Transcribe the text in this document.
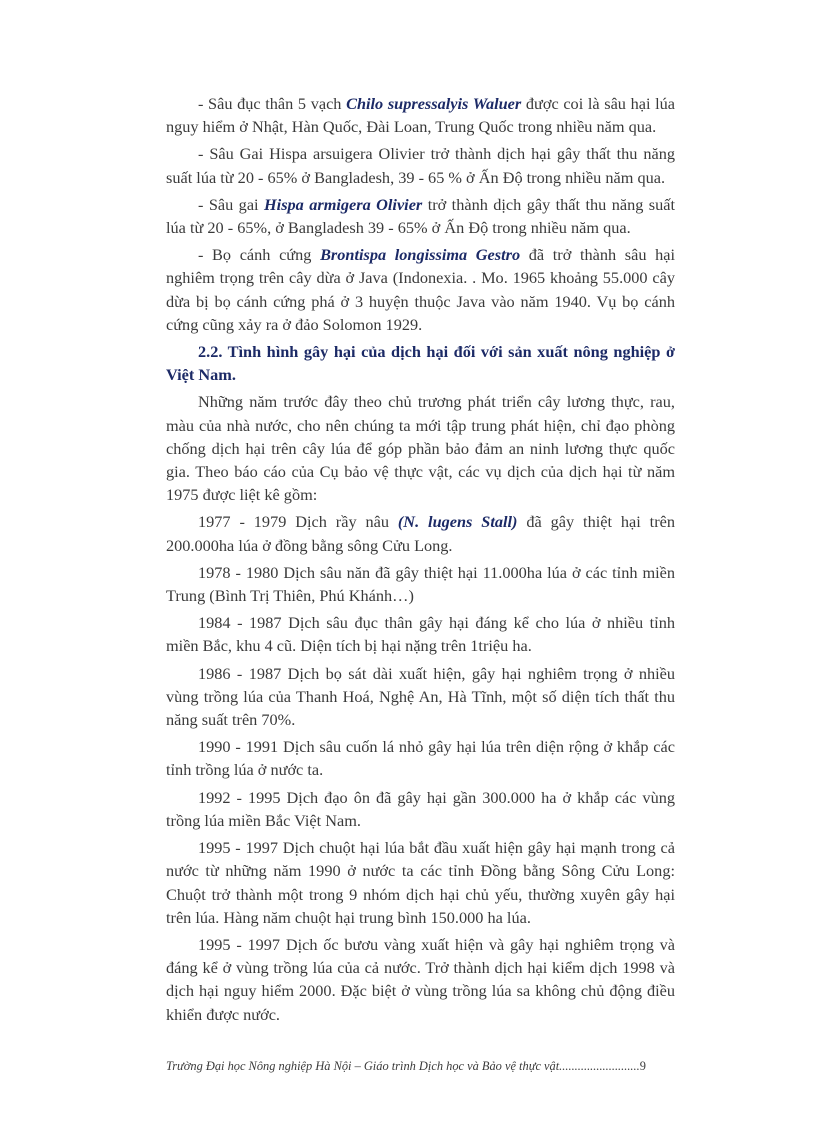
- Sâu đục thân 5 vạch Chilo supressalyis Waluer được coi là sâu hại lúa nguy hiểm ở Nhật, Hàn Quốc, Đài Loan, Trung Quốc trong nhiều năm qua.

- Sâu Gai Hispa arsuigera Olivier trở thành dịch hại gây thất thu năng suất lúa từ 20 - 65% ở Bangladesh, 39 - 65 % ở Ấn Độ trong nhiều năm qua.

- Sâu gai Hispa armigera Olivier trở thành dịch gây thất thu năng suất lúa từ 20 - 65%, ở Bangladesh 39 - 65% ở Ấn Độ trong nhiều năm qua.

- Bọ cánh cứng Brontispa longissima Gestro đã trở thành sâu hại nghiêm trọng trên cây dừa ở Java (Indonexia. . Mo. 1965 khoảng 55.000 cây dừa bị bọ cánh cứng phá ở 3 huyện thuộc Java vào năm 1940. Vụ bọ cánh cứng cũng xảy ra ở đảo Solomon 1929.

2.2. Tình hình gây hại của dịch hại đối với sản xuất nông nghiệp ở Việt Nam.

Những năm trước đây theo chủ trương phát triển cây lương thực, rau, màu của nhà nước, cho nên chúng ta mới tập trung phát hiện, chỉ đạo phòng chống dịch hại trên cây lúa để góp phần bảo đảm an ninh lương thực quốc gia. Theo báo cáo của Cụ bảo vệ thực vật, các vụ dịch của dịch hại từ năm 1975 được liệt kê gồm:

1977 - 1979 Dịch rầy nâu (N. lugens Stall) đã gây thiệt hại trên 200.000ha lúa ở đồng bằng sông Cửu Long.

1978 - 1980 Dịch sâu năn đã gây thiệt hại 11.000ha lúa ở các tỉnh miền Trung (Bình Trị Thiên, Phú Khánh…)

1984 - 1987 Dịch sâu đục thân gây hại đáng kể cho lúa ở nhiều tỉnh miền Bắc, khu 4 cũ. Diện tích bị hại nặng trên 1triệu ha.

1986 - 1987 Dịch bọ sát dài xuất hiện, gây hại nghiêm trọng ở nhiều vùng trồng lúa của Thanh Hoá, Nghệ An, Hà Tĩnh, một số diện tích thất thu năng suất trên 70%.

1990 - 1991 Dịch sâu cuốn lá nhỏ gây hại lúa trên diện rộng ở khắp các tỉnh trồng lúa ở nước ta.

1992 - 1995 Dịch đạo ôn đã gây hại gần 300.000 ha ở khắp các vùng trồng lúa miền Bắc Việt Nam.

1995 - 1997 Dịch chuột hại lúa bắt đầu xuất hiện gây hại mạnh trong cả nước từ những năm 1990 ở nước ta các tỉnh Đồng bằng Sông Cửu Long: Chuột trở thành một trong 9 nhóm dịch hại chủ yếu, thường xuyên gây hại trên lúa. Hàng năm chuột hại trung bình 150.000 ha lúa.

1995 - 1997 Dịch ốc bươu vàng xuất hiện và gây hại nghiêm trọng và đáng kể ở vùng trồng lúa của cả nước. Trở thành dịch hại kiểm dịch 1998 và dịch hại nguy hiểm 2000. Đặc biệt ở vùng trồng lúa sa không chủ động điều khiển được nước.

Trường Đại học Nông nghiệp Hà Nội – Giáo trình Dịch học và Bảo vệ thực vật..........................9
